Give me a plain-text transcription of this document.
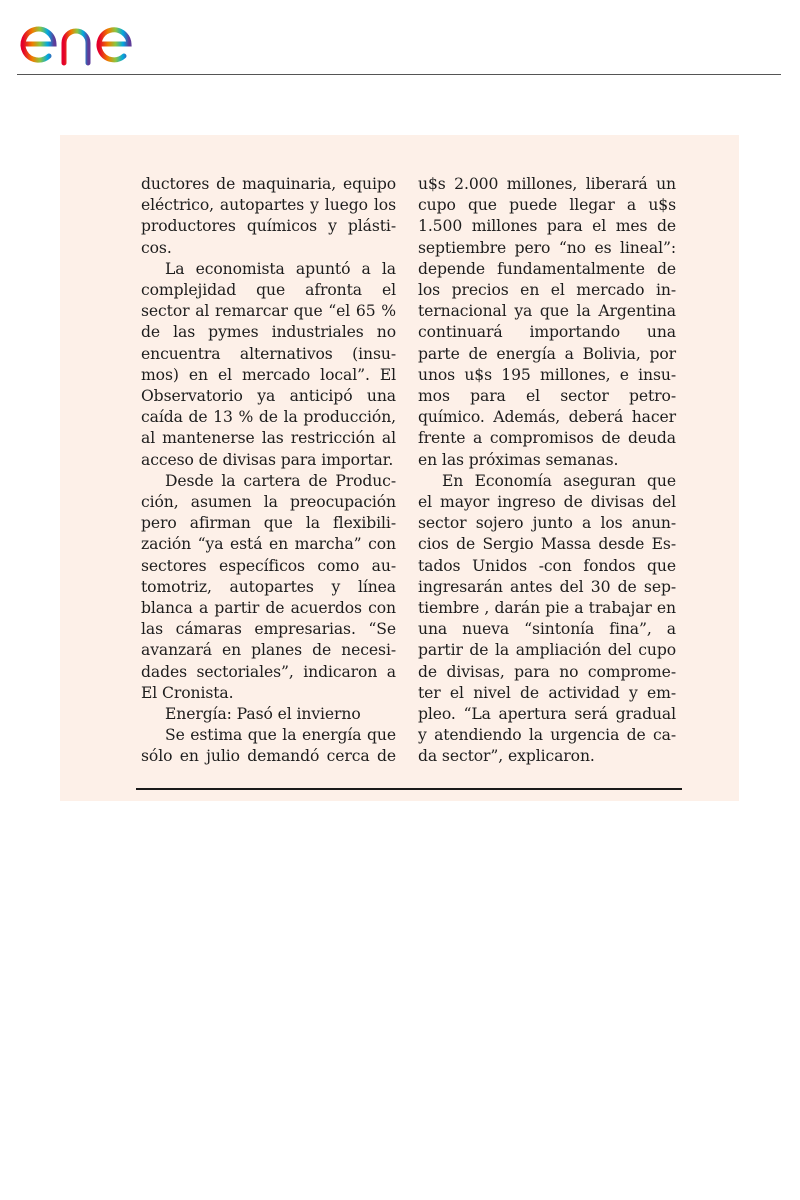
ductores de maquinaria, equipo
eléctrico, autopartes y luego los
productores químicos y plásti-
cos.
La economista apuntó a la
complejidad que afronta el
sector al remarcar que “el 65 %
de las pymes industriales no
encuentra alternativos (insu-
mos) en el mercado local”. El
Observatorio ya anticipó una
caída de 13 % de la producción,
al mantenerse las restricción al
acceso de divisas para importar.
Desde la cartera de Produc-
ción, asumen la preocupación
pero afirman que la flexibili-
zación “ya está en marcha” con
sectores específicos como au-
tomotriz, autopartes y línea
blanca a partir de acuerdos con
las cámaras empresarias. “Se
avanzará en planes de necesi-
dades sectoriales”, indicaron a
El Cronista.
Energía: Pasó el invierno
Se estima que la energía que
sólo en julio demandó cerca de
u$s 2.000 millones, liberará un
cupo que puede llegar a u$s
1.500 millones para el mes de
septiembre pero “no es lineal”:
depende fundamentalmente de
los precios en el mercado in-
ternacional ya que la Argentina
continuará importando una
parte de energía a Bolivia, por
unos u$s 195 millones, e insu-
mos para el sector petro-
químico. Además, deberá hacer
frente a compromisos de deuda
en las próximas semanas.
En Economía aseguran que
el mayor ingreso de divisas del
sector sojero junto a los anun-
cios de Sergio Massa desde Es-
tados Unidos -con fondos que
ingresarán antes del 30 de sep-
tiembre , darán pie a trabajar en
una nueva “sintonía fina”, a
partir de la ampliación del cupo
de divisas, para no comprome-
ter el nivel de actividad y em-
pleo. “La apertura será gradual
y atendiendo la urgencia de ca-
da sector”, explicaron.
